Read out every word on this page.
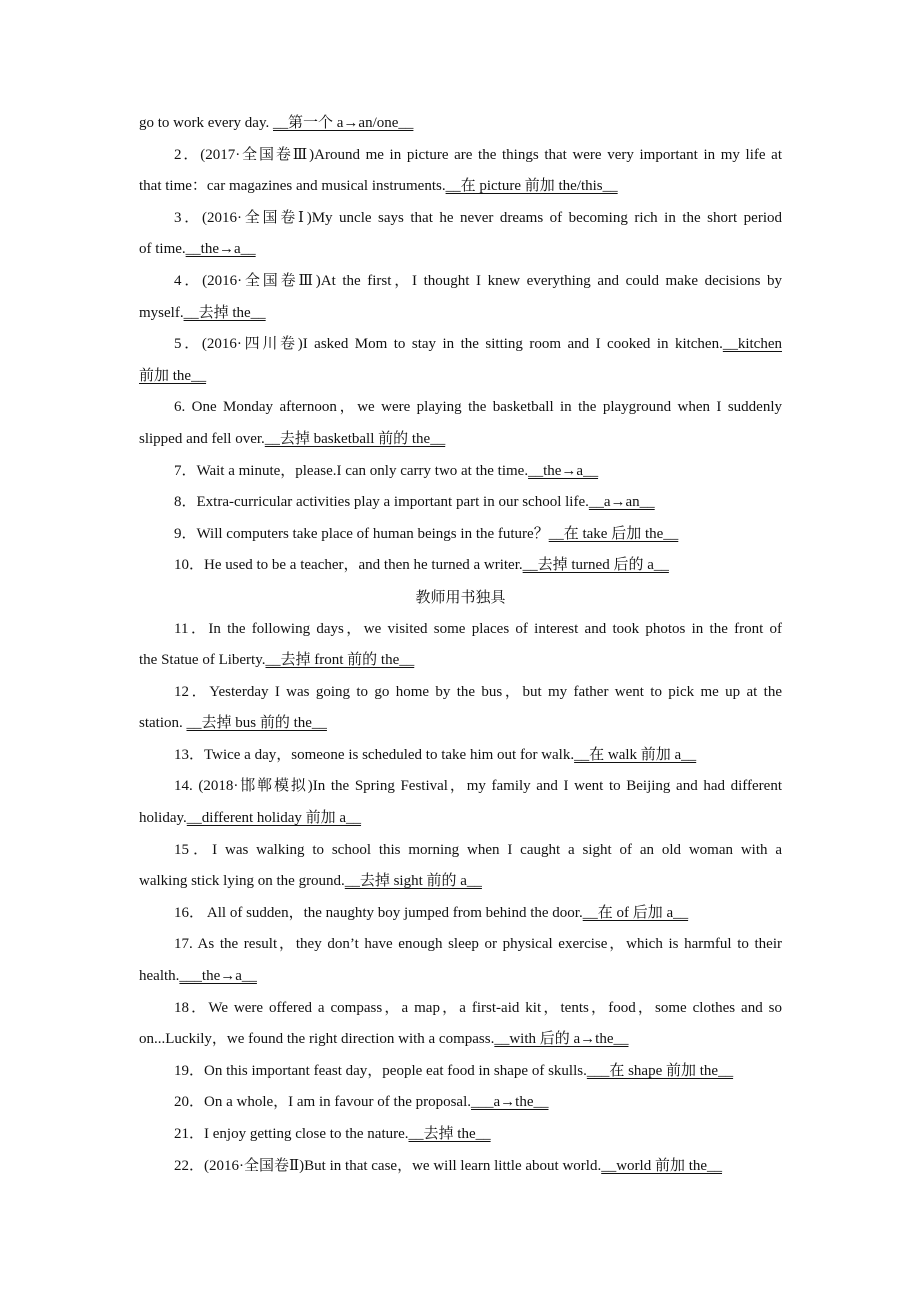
go to work every day. __第一个 a→an/one__
2．(2017·全国卷Ⅲ)Around me in picture are the things that were very important in my life at
that time：car magazines and musical instruments.__在 picture 前加 the/this__
3．(2016·全国卷Ⅰ)My uncle says that he never dreams of becoming rich in the short period
of time.__the→a__
4．(2016·全国卷Ⅲ)At the first，I thought I knew everything and could make decisions by
myself.__去掉 the__
5．(2016·四川卷)I asked Mom to stay in the sitting room and I cooked in kitchen.__kitchen
前加 the__
6. One Monday afternoon，we were playing the basketball in the playground when I suddenly
slipped and fell over.__去掉 basketball 前的 the__
7．Wait a minute，please.I can only carry two at the time.__the→a__
8．Extra-curricular activities play a important part in our school life.__a→an__
9．Will computers take place of human beings in the future？__在 take 后加 the__
10．He used to be a teacher，and then he turned a writer.__去掉 turned 后的 a__
教师用书独具
11．In the following days，we visited some places of interest and took photos in the front of
the Statue of Liberty.__去掉 front 前的 the__
12．Yesterday I was going to go home by the bus，but my father went to pick me up at the
station. __去掉 bus 前的 the__
13．Twice a day，someone is scheduled to take him out for walk.__在 walk 前加 a__
14. (2018·邯郸模拟)In the Spring Festival，my family and I went to Beijing and had different
holiday.__different holiday 前加 a__
15．I was walking to school this morning when I caught a sight of an old woman with a
walking stick lying on the ground.__去掉 sight 前的 a__
16． All of sudden，the naughty boy jumped from behind the door.__在 of 后加 a__
17. As the result，they don’t have enough sleep or physical exercise，which is harmful to their
health.___the→a__
18．We were offered a compass，a map，a first-aid kit，tents，food，some clothes and so
on...Luckily，we found the right direction with a compass.__with 后的 a→the__
19．On this important feast day，people eat food in shape of skulls.___在 shape 前加 the__
20．On a whole，I am in favour of the proposal.___a→the__
21．I enjoy getting close to the nature.__去掉 the__
22．(2016·全国卷Ⅱ)But in that case，we will learn little about world.__world 前加 the__
